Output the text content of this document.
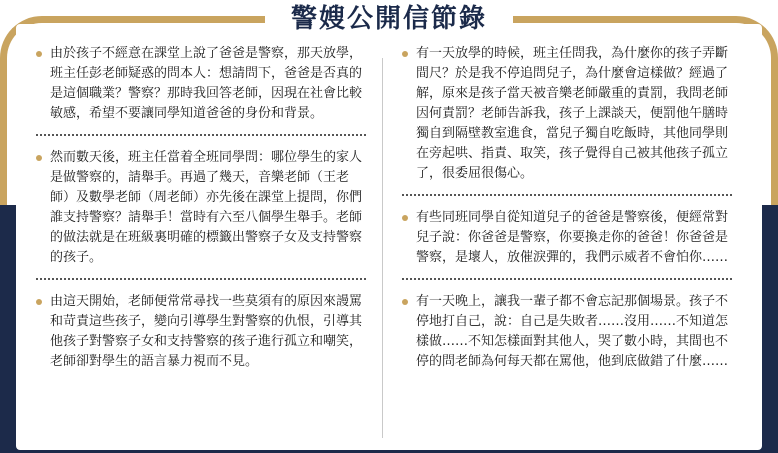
警嫂公開信節錄
由於孩子不經意在課堂上說了爸爸是警察，那天放學，班主任彭老師疑惑的問本人：想請問下，爸爸是否真的是這個職業？警察？那時我回答老師，因現在社會比較敏感，希望不要讓同學知道爸爸的身份和背景。
然而數天後，班主任當着全班同學問：哪位學生的家人是做警察的，請舉手。再過了幾天，音樂老師（王老師）及數學老師（周老師）亦先後在課堂上提問，你們誰支持警察？請舉手！當時有六至八個學生舉手。老師的做法就是在班級裏明確的標籤出警察子女及支持警察的孩子。
由這天開始，老師便常常尋找一些莫須有的原因來謾罵和苛責這些孩子，變向引導學生對警察的仇恨，引導其他孩子對警察子女和支持警察的孩子進行孤立和嘲笑，老師卻對學生的語言暴力視而不見。
有一天放學的時候，班主任問我，為什麼你的孩子弄斷間尺？於是我不停追問兒子，為什麼會這樣做？經過了解，原來是孩子當天被音樂老師嚴重的責罰，我問老師因何責罰？老師告訴我，孩子上課談天，便罰他午膳時獨自到隔壁教室進食，當兒子獨自吃飯時，其他同學則在旁起哄、指責、取笑，孩子覺得自己被其他孩子孤立了，很委屈很傷心。
有些同班同學自從知道兒子的爸爸是警察後，便經常對兒子說：你爸爸是警察，你要換走你的爸爸！你爸爸是警察，是壞人，放催淚彈的，我們示威者不會怕你……
有一天晚上，讓我一輩子都不會忘記那個場景。孩子不停地打自己，說：自己是失敗者……沒用……不知道怎樣做……不知怎樣面對其他人，哭了數小時，其間也不停的問老師為何每天都在罵他，他到底做錯了什麼……
